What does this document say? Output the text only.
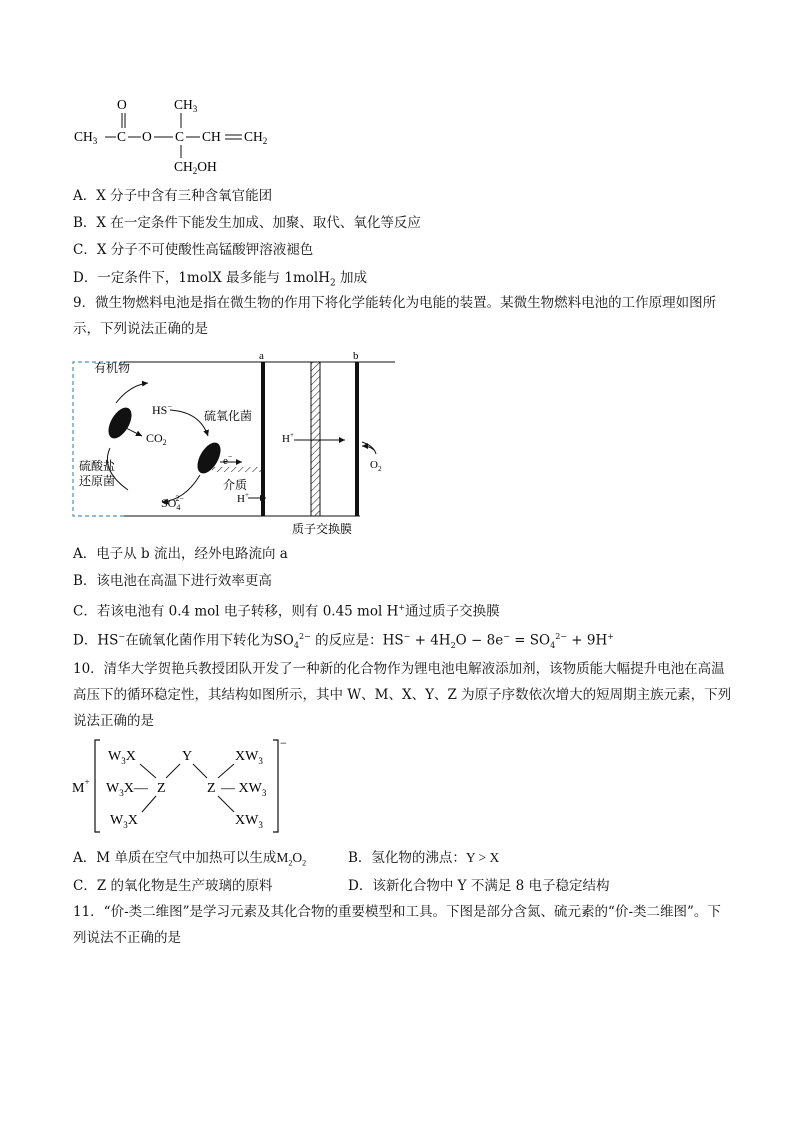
O	$CH_3$
$CH_3$ C O C CH $CH_2$
$CH_2OH$
A．X 分子中含有三种含氧官能团
B．X 在一定条件下能发生加成、加聚、取代、氧化等反应
C．X 分子不可使酸性高锰酸钾溶液褪色
D．一定条件下，1molX 最多能与 1molH$_2$ 加成
9．微生物燃料电池是指在微生物的作用下将化学能转化为电能的装置。某微生物燃料电池的工作原理如图所示，下列说法正确的是
a	b
有机物
HS−
$CO_2$
硫氧化菌
硫酸盐
还原菌
$SO_42-$
e−
介质
H+
H+
$O_2$
质子交换膜
A．电子从 b 流出，经外电路流向 a
B．该电池在高温下进行效率更高
C．若该电池有 0.4 mol 电子转移，则有 0.45 mol H+通过质子交换膜
D．HS−在硫氧化菌作用下转化为$SO_4^{2-}$ 的反应是：$HS^- + 4H_2O - 8e^- = SO_4^{2-} + 9H^+$
10．清华大学贺艳兵教授团队开发了一种新的化合物作为锂电池电解液添加剂，该物质能大幅提升电池在高温高压下的循环稳定性，其结构如图所示，其中 W、M、X、Y、Z 为原子序数依次增大的短周期主族元素，下列说法正确的是
M+
−
$W_3X$
$W_3X—$
$W_3X$
Z
Y
Z
$XW_3$
— $XW_3$
$XW_3$
A．M 单质在空气中加热可以生成$M_2O_2$	B．氢化物的沸点：Y > X
C．Z 的氧化物是生产玻璃的原料	D．该新化合物中 Y 不满足 8 电子稳定结构
11．“价-类二维图”是学习元素及其化合物的重要模型和工具。下图是部分含氮、硫元素的“价-类二维图”。下列说法不正确的是
